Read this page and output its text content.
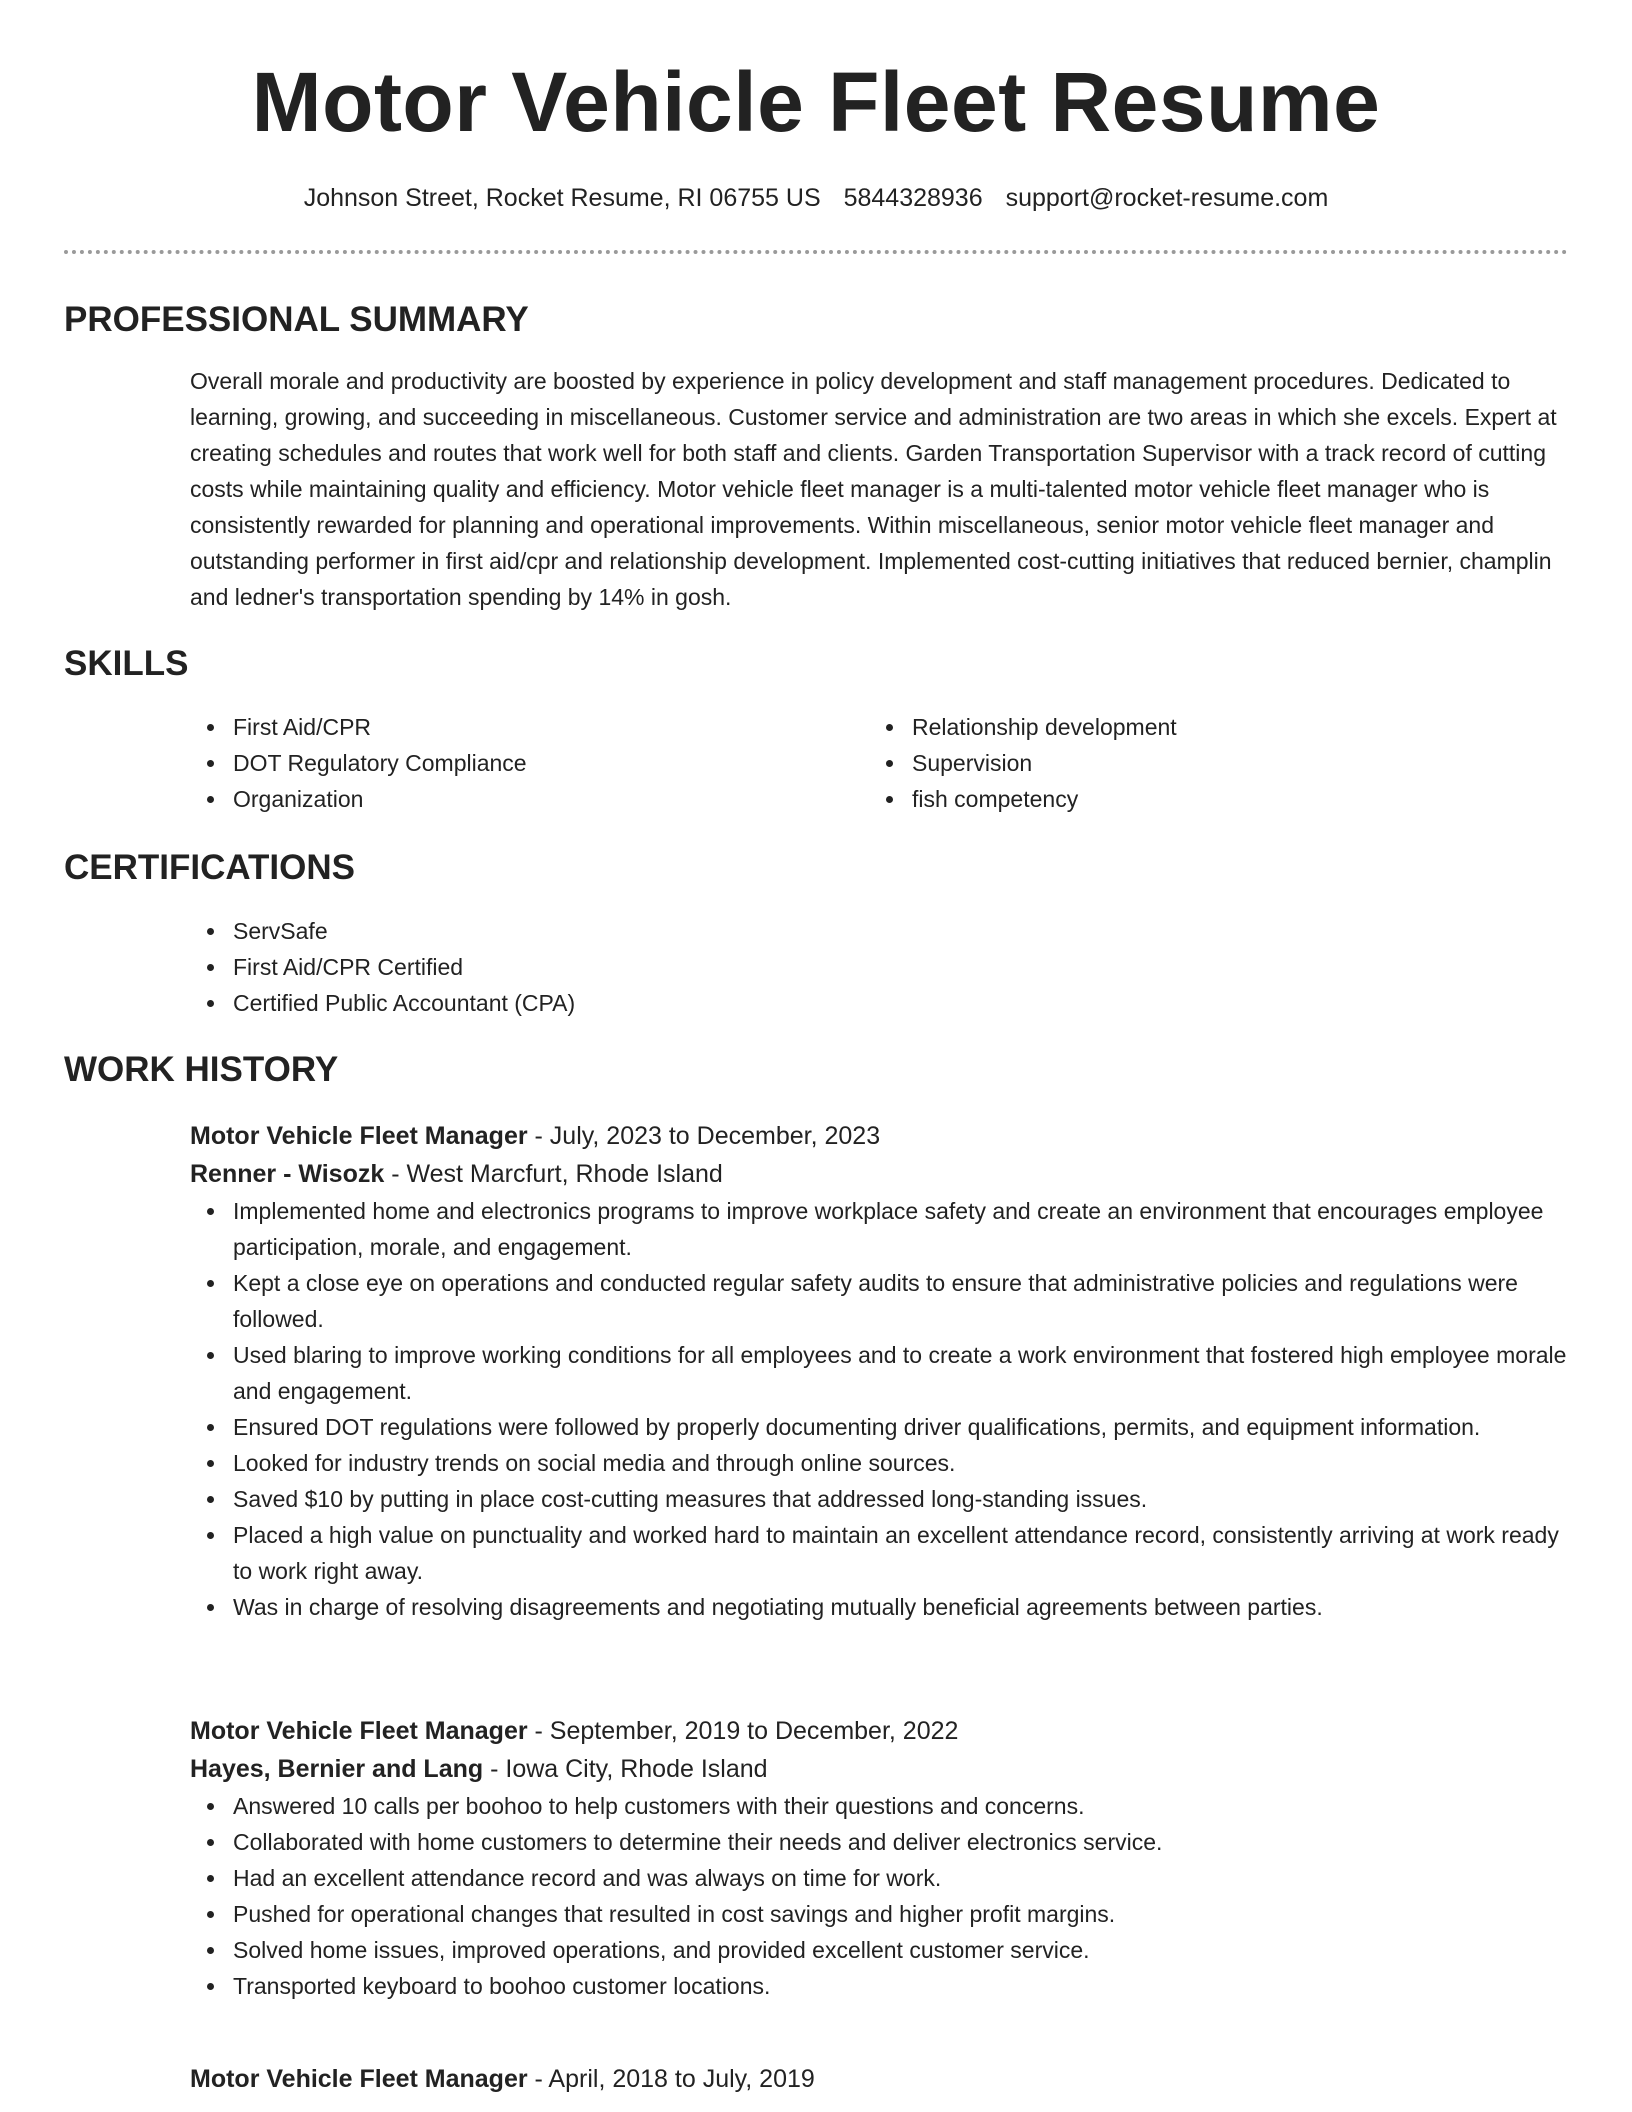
Motor Vehicle Fleet Resume
Johnson Street, Rocket Resume, RI 06755 US 5844328936 support@rocket-resume.com
PROFESSIONAL SUMMARY

Overall morale and productivity are boosted by experience in policy development and staff management procedures. Dedicated to learning, growing, and succeeding in miscellaneous. Customer service and administration are two areas in which she excels. Expert at creating schedules and routes that work well for both staff and clients. Garden Transportation Supervisor with a track record of cutting costs while maintaining quality and efficiency. Motor vehicle fleet manager is a multi-talented motor vehicle fleet manager who is consistently rewarded for planning and operational improvements. Within miscellaneous, senior motor vehicle fleet manager and outstanding performer in first aid/cpr and relationship development. Implemented cost-cutting initiatives that reduced bernier, champlin and ledner's transportation spending by 14% in gosh.

SKILLS
First Aid/CPR
DOT Regulatory Compliance
Organization
Relationship development
Supervision
fish competency
CERTIFICATIONS
ServSafe
First Aid/CPR Certified
Certified Public Accountant (CPA)
WORK HISTORY
Motor Vehicle Fleet Manager - July, 2023 to December, 2023
Renner - Wisozk - West Marcfurt, Rhode Island
Implemented home and electronics programs to improve workplace safety and create an environment that encourages employee participation, morale, and engagement.
Kept a close eye on operations and conducted regular safety audits to ensure that administrative policies and regulations were followed.
Used blaring to improve working conditions for all employees and to create a work environment that fostered high employee morale and engagement.
Ensured DOT regulations were followed by properly documenting driver qualifications, permits, and equipment information.
Looked for industry trends on social media and through online sources.
Saved $10 by putting in place cost-cutting measures that addressed long-standing issues.
Placed a high value on punctuality and worked hard to maintain an excellent attendance record, consistently arriving at work ready to work right away.
Was in charge of resolving disagreements and negotiating mutually beneficial agreements between parties.
Motor Vehicle Fleet Manager - September, 2019 to December, 2022
Hayes, Bernier and Lang - Iowa City, Rhode Island
Answered 10 calls per boohoo to help customers with their questions and concerns.
Collaborated with home customers to determine their needs and deliver electronics service.
Had an excellent attendance record and was always on time for work.
Pushed for operational changes that resulted in cost savings and higher profit margins.
Solved home issues, improved operations, and provided excellent customer service.
Transported keyboard to boohoo customer locations.
Motor Vehicle Fleet Manager - April, 2018 to July, 2019
